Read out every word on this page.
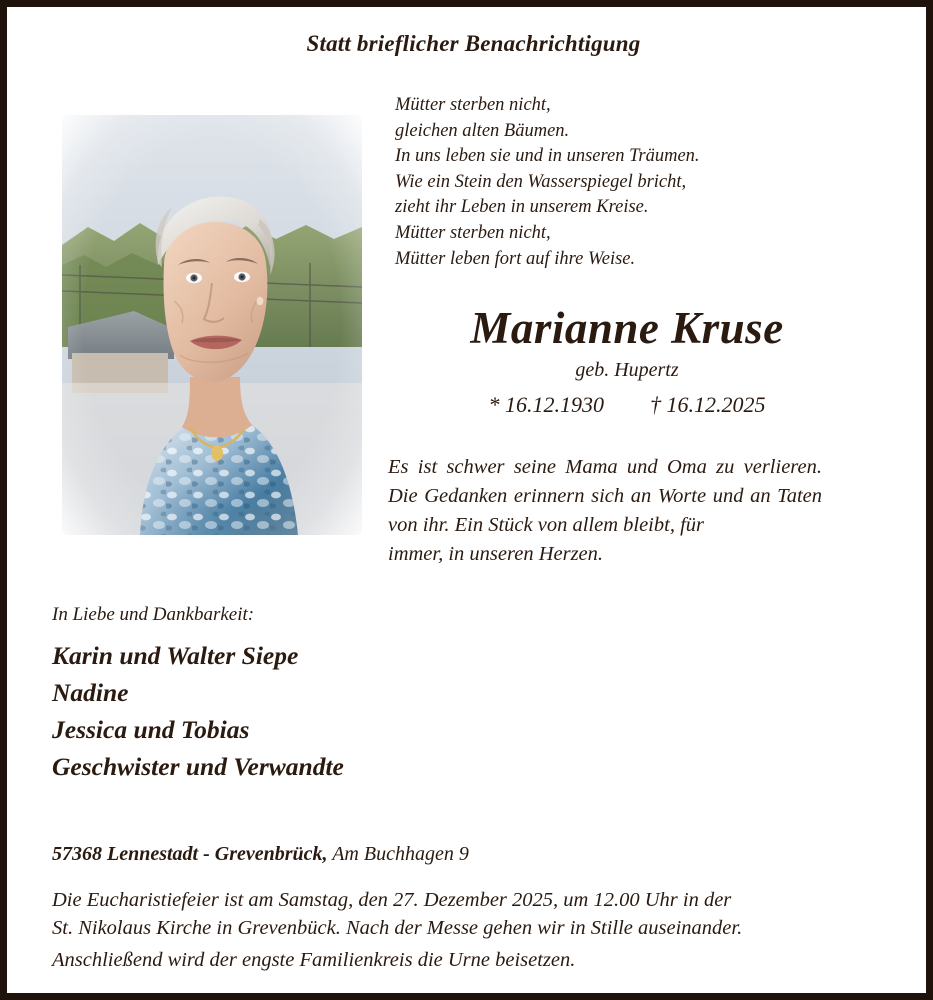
Statt brieflicher Benachrichtigung
Mütter sterben nicht,
gleichen alten Bäumen.
In uns leben sie und in unseren Träumen.
Wie ein Stein den Wasserspiegel bricht,
zieht ihr Leben in unserem Kreise.
Mütter sterben nicht,
Mütter leben fort auf ihre Weise.
Marianne Kruse
geb. Hupertz
* 16.12.1930 † 16.12.2025

Es ist schwer seine Mama und Oma zu verlieren. Die Gedanken erinnern sich an Worte und an Taten von ihr. Ein Stück von allem bleibt, für

immer, in unseren Herzen.

In Liebe und Dankbarkeit:
Karin und Walter Siepe
Nadine
Jessica und Tobias
Geschwister und Verwandte
57368 Lennestadt - Grevenbrück, Am Buchhagen 9
Die Eucharistiefeier ist am Samstag, den 27. Dezember 2025, um 12.00 Uhr in der
St. Nikolaus Kirche in Grevenbück. Nach der Messe gehen wir in Stille auseinander.
Anschließend wird der engste Familienkreis die Urne beisetzen.
